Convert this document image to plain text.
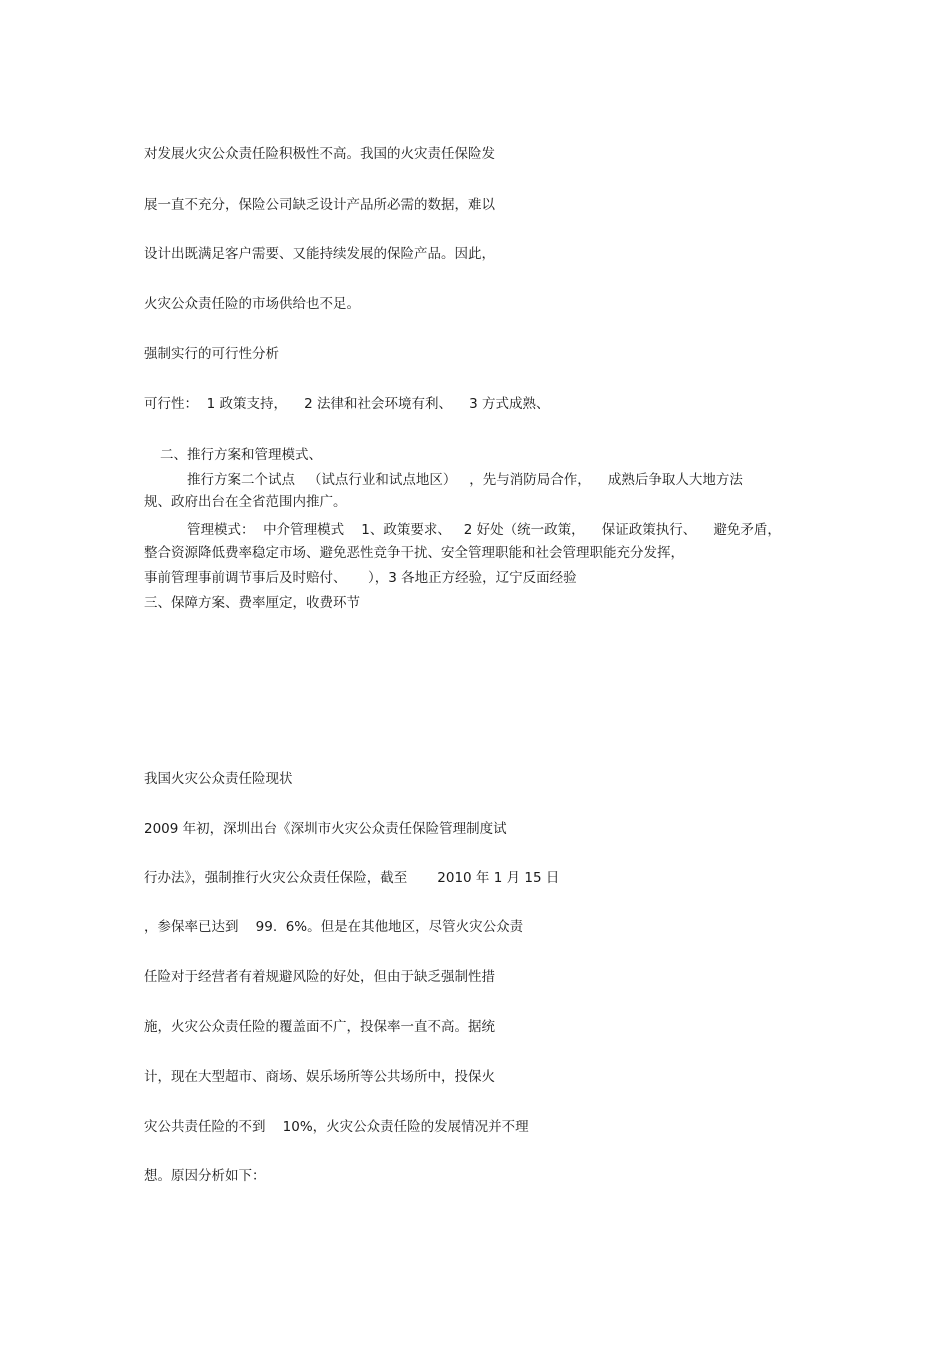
对发展火灾公众责任险积极性不高。我国的火灾责任保险发
展一直不充分，保险公司缺乏设计产品所必需的数据，难以
设计出既满足客户需要、又能持续发展的保险产品。因此，
火灾公众责任险的市场供给也不足。
强制实行的可行性分析
可行性：  1 政策支持，    2 法律和社会环境有利、    3 方式成熟、
二、推行方案和管理模式、
推行方案二个试点   （试点行业和试点地区）   ，先与消防局合作，    成熟后争取人大地方法
规、政府出台在全省范围内推广。
管理模式：  中介管理模式    1、政策要求、   2 好处（统一政策，    保证政策执行、    避免矛盾，
整合资源降低费率稳定市场、避免恶性竞争干扰、安全管理职能和社会管理职能充分发挥，
事前管理事前调节事后及时赔付、     ），3 各地正方经验，辽宁反面经验
三、保障方案、费率厘定，收费环节
我国火灾公众责任险现状
2009 年初，深圳出台《深圳市火灾公众责任保险管理制度试
行办法》，强制推行火灾公众责任保险，截至       2010 年 1 月 15 日
，参保率已达到    99.  6%。但是在其他地区，尽管火灾公众责
任险对于经营者有着规避风险的好处，但由于缺乏强制性措
施，火灾公众责任险的覆盖面不广，投保率一直不高。据统
计，现在大型超市、商场、娱乐场所等公共场所中，投保火
灾公共责任险的不到    10%，火灾公众责任险的发展情况并不理
想。原因分析如下：
